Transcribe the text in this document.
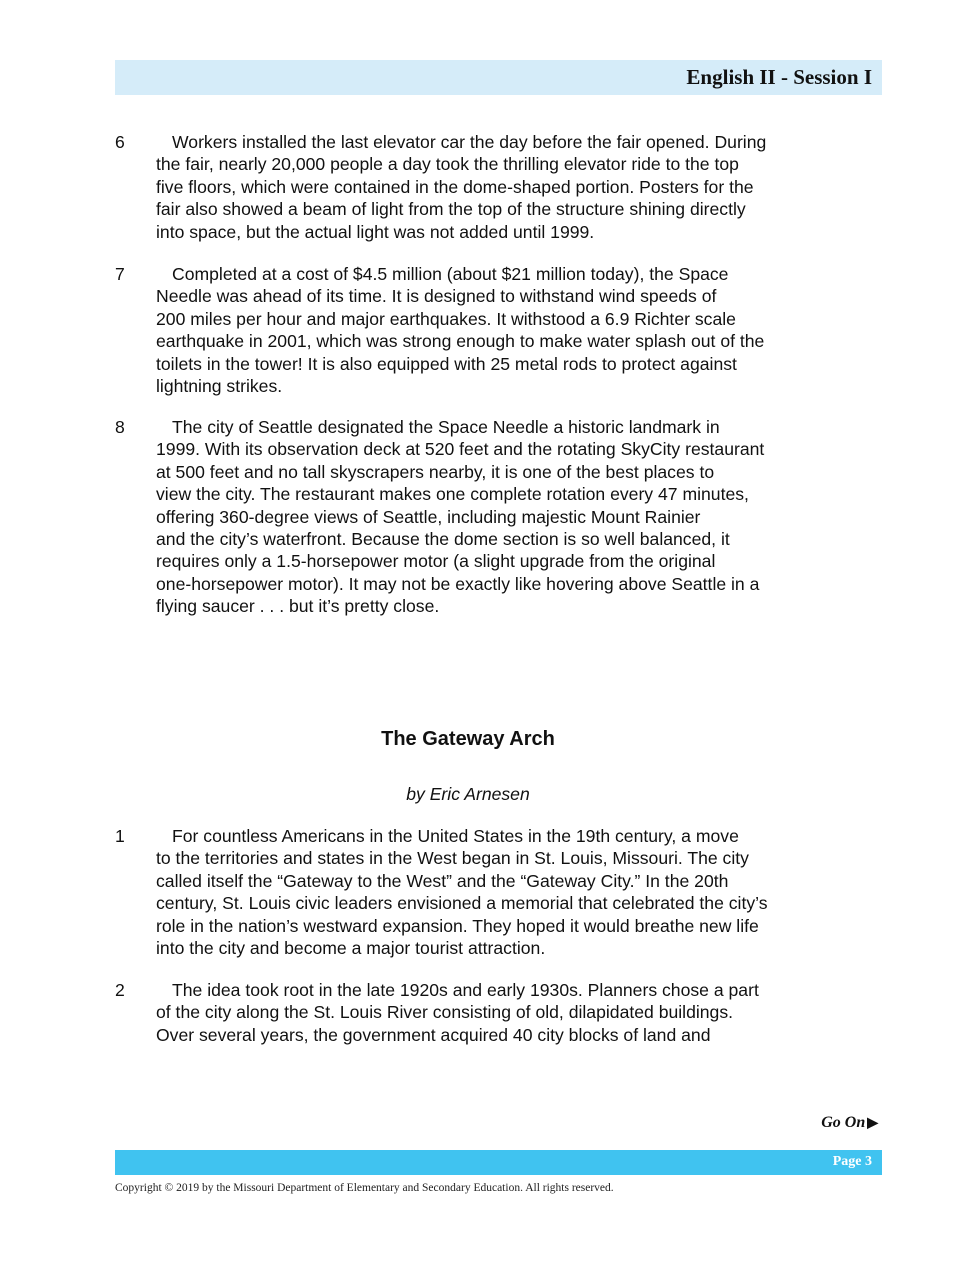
English II - Session I
6	Workers installed the last elevator car the day before the fair opened. During
the fair, nearly 20,000 people a day took the thrilling elevator ride to the top
five floors, which were contained in the dome-shaped portion. Posters for the
fair also showed a beam of light from the top of the structure shining directly
into space, but the actual light was not added until 1999.
7	Completed at a cost of $4.5 million (about $21 million today), the Space
Needle was ahead of its time. It is designed to withstand wind speeds of
200 miles per hour and major earthquakes. It withstood a 6.9 Richter scale
earthquake in 2001, which was strong enough to make water splash out of the
toilets in the tower! It is also equipped with 25 metal rods to protect against
lightning strikes.
8	The city of Seattle designated the Space Needle a historic landmark in
1999. With its observation deck at 520 feet and the rotating SkyCity restaurant
at 500 feet and no tall skyscrapers nearby, it is one of the best places to
view the city. The restaurant makes one complete rotation every 47 minutes,
offering 360-degree views of Seattle, including majestic Mount Rainier
and the city’s waterfront. Because the dome section is so well balanced, it
requires only a 1.5-horsepower motor (a slight upgrade from the original
one-horsepower motor). It may not be exactly like hovering above Seattle in a
flying saucer . . . but it’s pretty close.
The Gateway Arch
by Eric Arnesen
1	For countless Americans in the United States in the 19th century, a move
to the territories and states in the West began in St. Louis, Missouri. The city
called itself the “Gateway to the West” and the “Gateway City.” In the 20th
century, St. Louis civic leaders envisioned a memorial that celebrated the city’s
role in the nation’s westward expansion. They hoped it would breathe new life
into the city and become a major tourist attraction.
2	The idea took root in the late 1920s and early 1930s. Planners chose a part
of the city along the St. Louis River consisting of old, dilapidated buildings.
Over several years, the government acquired 40 city blocks of land and
Go On ▶
Page 3
Copyright © 2019 by the Missouri Department of Elementary and Secondary Education. All rights reserved.
